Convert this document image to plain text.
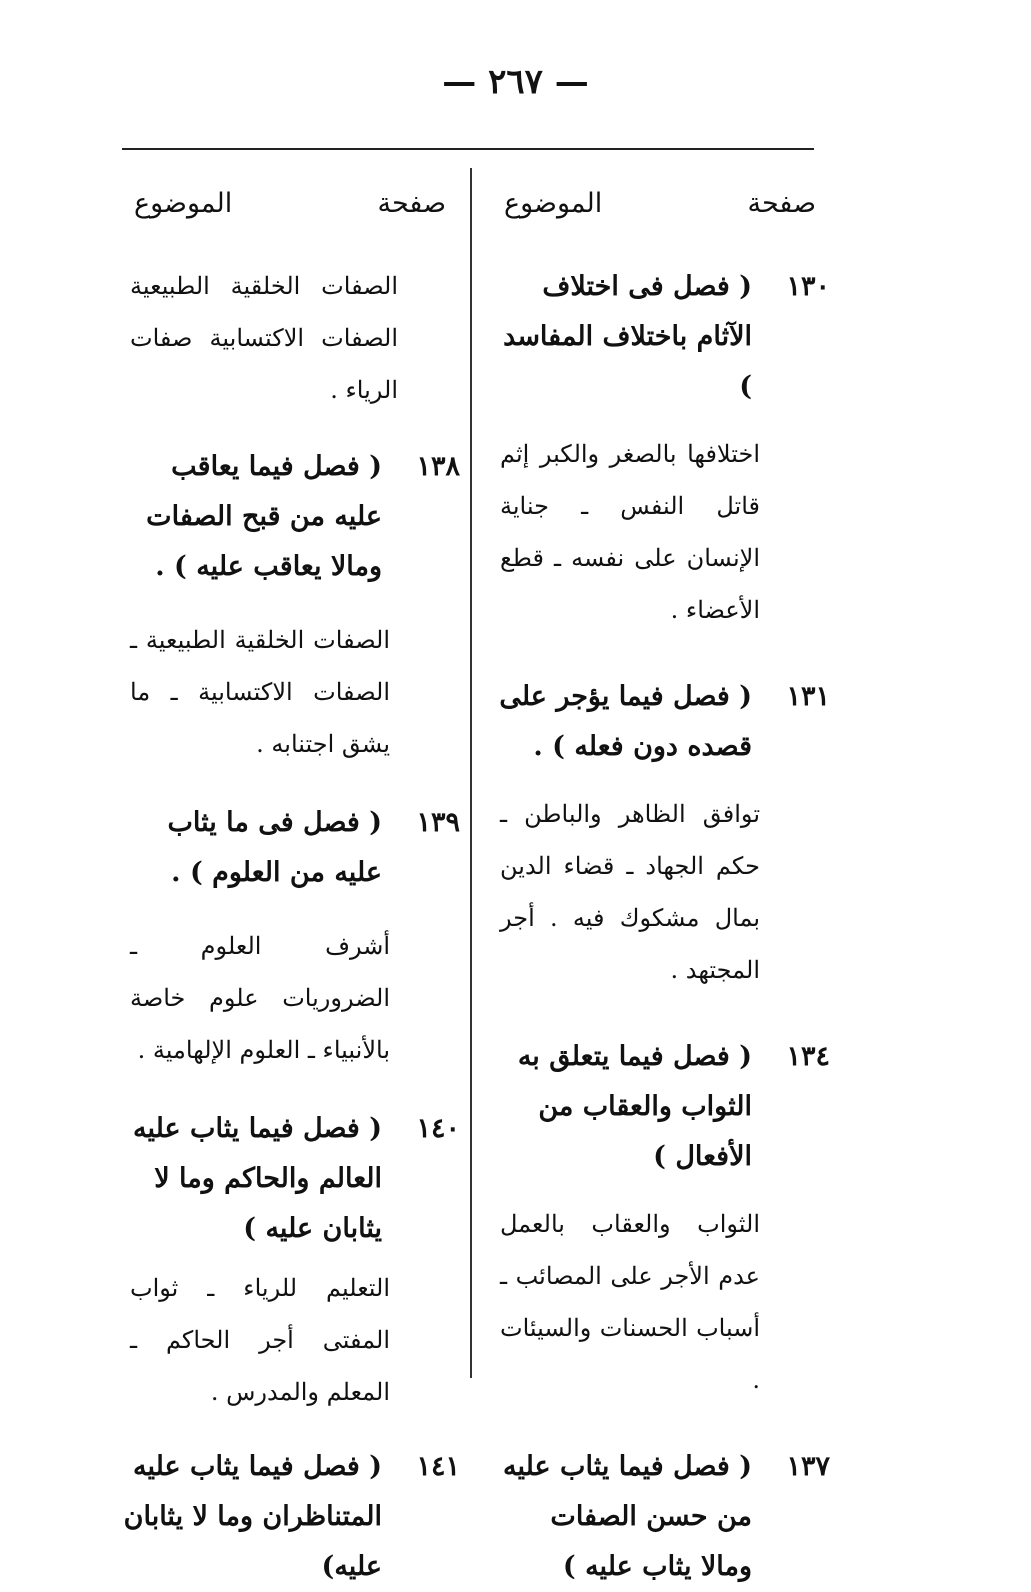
— ٢٦٧ —
صفحة
الموضوع
١٣٠
( فصل فى اختلاف الآثام باختلاف المفاسد )
اختلافها بالصغر والكبر إثم قاتل النفس ـ جناية الإنسان على نفسه ـ قطع الأعضاء .
١٣١
( فصل فيما يؤجر على قصده دون فعله ) .
توافق الظاهر والباطن ـ حكم الجهاد ـ قضاء الدين بمال مشكوك فيه . أجر المجتهد .
١٣٤
( فصل فيما يتعلق به الثواب والعقاب من الأفعال )
الثواب والعقاب بالعمل عدم الأجر على المصائب ـ أسباب الحسنات والسيئات .
١٣٧
( فصل فيما يثاب عليه من حسن الصفات ومالا يثاب عليه )
صفحة
الموضوع
الصفات الخلقية الطبيعية الصفات الاكتسابية صفات الرياء .
١٣٨
( فصل فيما يعاقب عليه من قبح الصفات ومالا يعاقب عليه ) .
الصفات الخلقية الطبيعية ـ الصفات الاكتسابية ـ ما يشق اجتنابه .
١٣٩
( فصل فى ما يثاب عليه من العلوم ) .
أشرف العلوم ـ الضروريات علوم خاصة بالأنبياء ـ العلوم الإلهامية .
١٤٠
( فصل فيما يثاب عليه العالم والحاكم وما لا يثابان عليه )
التعليم للرياء ـ ثواب المفتى أجر الحاكم ـ المعلم والمدرس .
١٤١
( فصل فيما يثاب عليه المتناظران وما لا يثابان عليه)
